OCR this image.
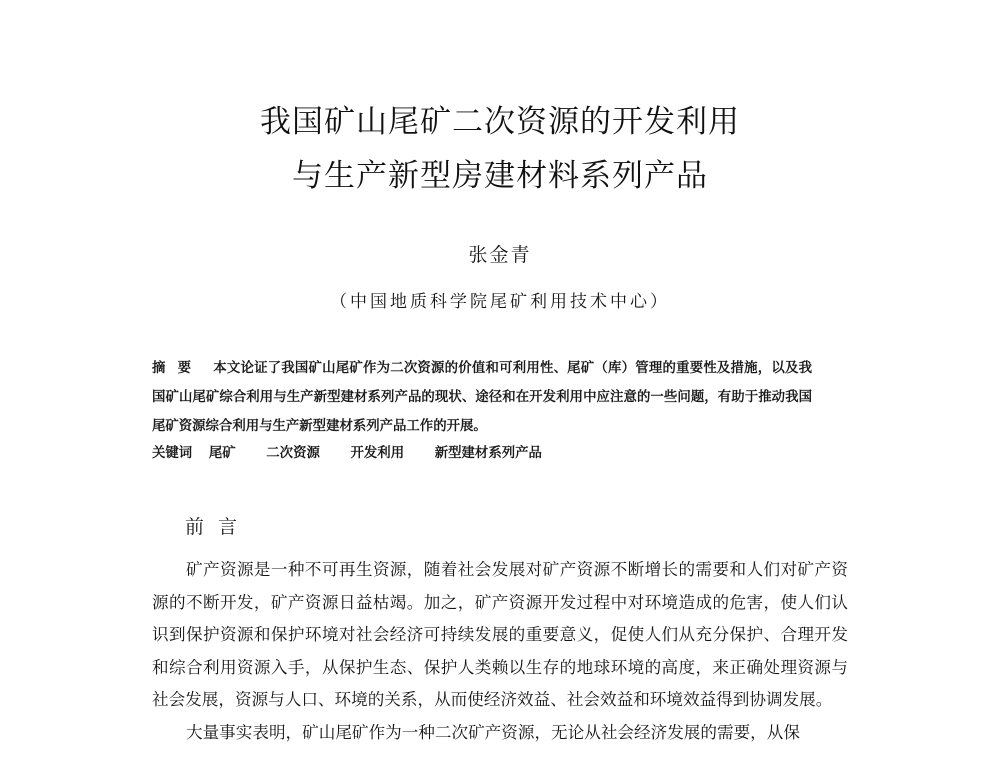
我国矿山尾矿二次资源的开发利用
与生产新型房建材料系列产品
张金青
（中国地质科学院尾矿利用技术中心）
摘要 本文论证了我国矿山尾矿作为二次资源的价值和可利用性、尾矿（库）管理的重要性及措施，以及我国矿山尾矿综合利用与生产新型建材系列产品的现状、途径和在开发利用中应注意的一些问题，有助于推动我国尾矿资源综合利用与生产新型建材系列产品工作的开展。
关键词 尾矿 二次资源 开发利用 新型建材系列产品
前言

矿产资源是一种不可再生资源，随着社会发展对矿产资源不断增长的需要和人们对矿产资源的不断开发，矿产资源日益枯竭。加之，矿产资源开发过程中对环境造成的危害，使人们认识到保护资源和保护环境对社会经济可持续发展的重要意义，促使人们从充分保护、合理开发和综合利用资源入手，从保护生态、保护人类赖以生存的地球环境的高度，来正确处理资源与社会发展，资源与人口、环境的关系，从而使经济效益、社会效益和环境效益得到协调发展。

大量事实表明，矿山尾矿作为一种二次矿产资源，无论从社会经济发展的需要，从保
